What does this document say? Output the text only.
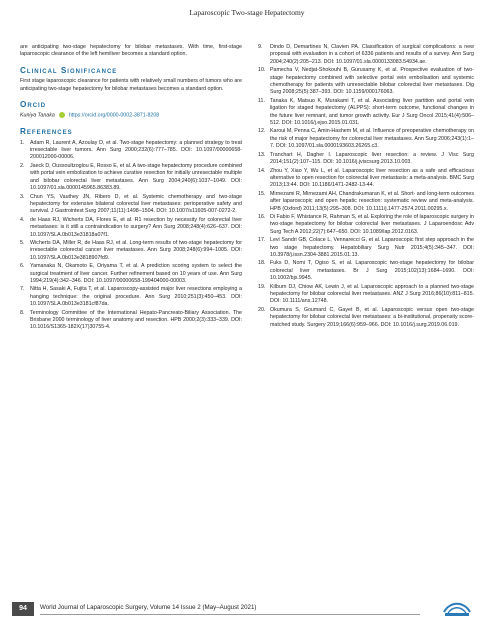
Laparoscopic Two-stage Hepatectomy

are anticipating two-stage hepatectomy for bilobar metastases. With time, first-stage laparoscopic clearance of the left hemiliver becomes a standard option.

Clinical Significance

First stage laparoscopic clearance for patients with relatively small numbers of tumors who are anticipating two-stage hepatectomy for bilobar metastases becomes a standard option.

Orcid
Kuniya Tanaka	https://orcid.org/0000-0002-3871-8208
References
1.	Adam R, Laurent A, Azoulay D, et al. Two-stage hepatectomy: a planned strategy to treat irresectable liver tumors. Ann Surg 2000;232(6):777–785. DOI: 10.1097/00000658-200012000-00006.
2.	Jaeck D, Oussoultzoglou E, Rosso E, et al. A two-stage hepatectomy procedure combined with portal vein embolization to achieve curative resection for initially unresectable multiple and bilobar colorectal liver metastases. Ann Surg 2004;240(6):1037–1049. DOI: 10.1097/01.sla.0000145965.86383.89.
3.	Chun YS, Vauthey JN, Ribero D, et al. Systemic chemotherapy and two-stage hepatectomy for extensive bilateral colorectal liver metastases: perioperative safety and survival. J Gastrointest Surg 2007;11(11):1498–1504. DOI: 10.1007/s11605-007-0272-2.
4.	de Haas RJ, Wicherts DA, Flores E, et al. R1 resection by necessity for colorectal liver metastases: is it still a contraindication to surgery? Ann Surg 2008;248(4):626–637. DOI: 10.1097/SLA.0b013e31818a07f1.
5.	Wicherts DA, Miller R, de Haas RJ, et al. Long-term results of two-stage hepatectomy for irresectable colorectal cancer liver metastases. Ann Surg 2008;248(6):994–1005. DOI: 10.1097/SLA.0b013e3818907fd9.
6.	Yamanaka N, Okamoto E, Oriyama T, et al. A prediction scoring system to select the surgical treatment of liver cancer. Further refinement based on 10 years of use. Ann Surg 1994;219(4):342–346. DOI: 10.1097/00000658-199404000-00003.
7.	Nitta H, Sasaki A, Fujita T, et al. Laparoscopy-assisted major liver resections employing a hanging technique: the original procedure. Ann Surg 2010;251(3):450–453. DOI: 10.1097/SLA.0b013e3181cf87da.
8.	Terminology Committee of the International Hepato-Pancreato-Biliary Association. The Brisbane 2000 terminology of liver anatomy and resection. HPB 2000;2(3):333–339. DOI: 10.1016/S1365-182X(17)30755-4.
9.	Dindo D, Demartines N, Clavien PA. Classification of surgical complications: a new proposal with evaluation in a cohort of 6336 patients and results of a survey. Ann Surg 2004;240(2):205–213. DOI: 10.1097/01.sla.0000133083.54934.ae.
10. Pamecha V, Nedjat-Shokouhi B, Gurusamy K, et al. Prospective evaluation of two-stage hepatectomy combined with selective portal vein embolisation and systemic chemotherapy for patients with unresectable bilobar colorectal liver metastases. Dig Surg 2008;25(5):387–393. DOI: 10.1159/000176063.
11. Tanaka K, Matsuo K, Murakami T, et al. Associating liver partition and portal vein ligation for staged hepatectomy (ALPPS): short-term outcome, functional changes in the future liver remnant, and tumor growth activity. Eur J Surg Oncol 2015;41(4):506–512. DOI: 10.1016/j.ejso.2015.01.031.
12. Karoui M, Penna C, Amin-Hashem M, et al. Influence of preoperative chemotherapy on the risk of major hepatectomy for colorectal liver metastases. Ann Surg 2006;243(1):1–7. DOI: 10.1097/01.sla.0000193603.26265.c3.
13. Tranchart H, Dagher I. Laparoscopic liver resection: a review. J Visc Surg 2014;151(2):107–115. DOI: 10.1016/j.jviscsurg.2013.10.003.
14. Zhou Y, Xiao Y, Wu L, et al. Laparoscopic liver resection as a safe and efficacious alternative to open resection for colorectal liver metastasis: a meta-analysis. BMC Surg 2013;13:44. DOI: 10.1186/1471-2482-13-44.
15. Mirnezami R, Mirnezami AH, Chandrakumaran K, et al. Short- and long-term outcomes after laparoscopic and open hepatic resection: systematic review and meta-analysis. HPB (Oxford) 2011;13(5):295–308. DOI: 10.1111/j.1477-2574.2011.00295.x.
16. Di Fabio F, Whistance R, Rahman S, et al. Exploring the role of laparoscopic surgery in two-stage hepatectomy for bilobar colorectal liver metastases. J Laparoendosc Adv Surg Tech A 2012;22(7):647–650. DOI: 10.1089/lap.2012.0163.
17. Levi Sandri GB, Colace L, Vennarecci G, et al. Laparoscopic first step approach in the two stage hepatectomy. Hepatobiliary Surg Nutr 2015;4(5):345–347. DOI: 10.3978/j.issn.2304-3881.2015.01.13.
18. Fuks D, Nomi T, Ogiso S, et al. Laparoscopic two-stage hepatectomy for bilobar colorectal liver metastases. Br J Surg 2015;102(13):1684–1690. DOI: 10.1002/bjs.9945.
19. Kilburn DJ, Chiow AK, Lewin J, et al. Laparoscopic approach to a planned two-stage hepatectomy for bilobar colorectal liver metastases. ANZ J Surg 2016;86(10):811–815. DOI: 10.1111/ans.12748.
20. Okumura S, Goumard C, Gayet B, et al. Laparoscopic versus open two-stage hepatectomy for bilobar colorectal liver metastases: a bi-institutional, propensity score-matched study. Surgery 2019;166(6):959–966. DOI: 10.1016/j.surg.2019.06.019.
94	World Journal of Laparoscopic Surgery, Volume 14 Issue 2 (May–August 2021)
